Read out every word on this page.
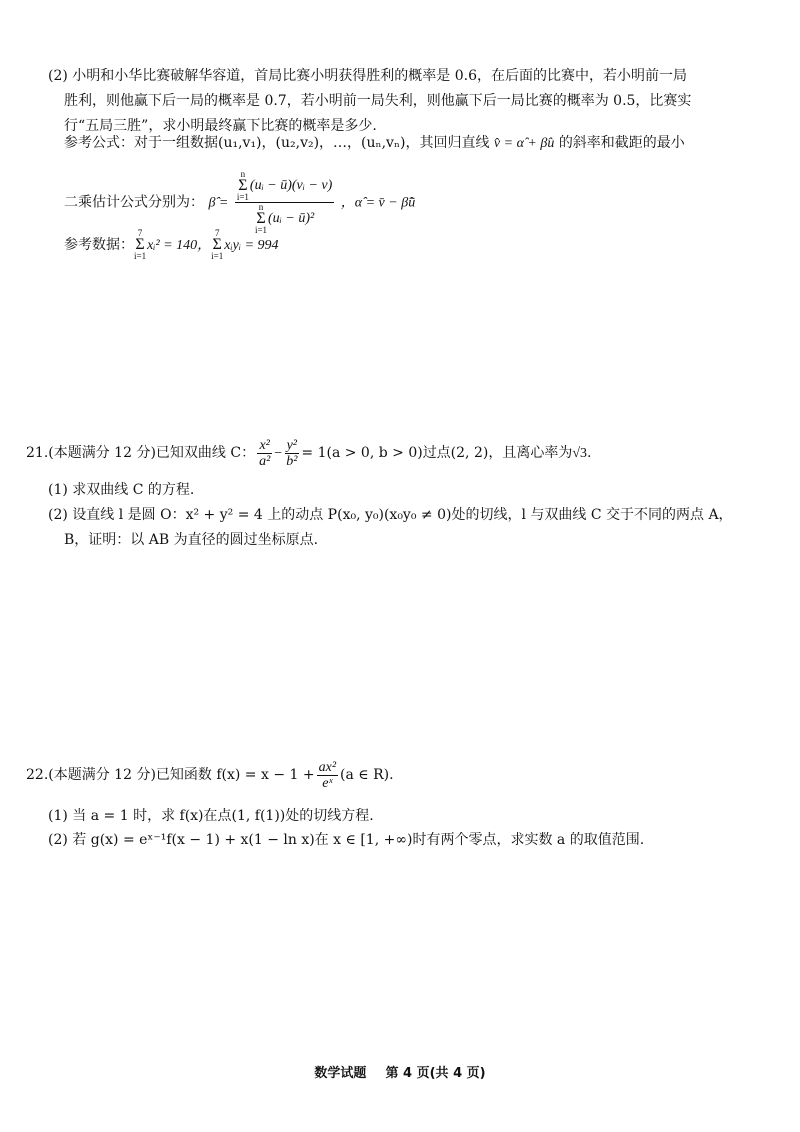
(2) 小明和小华比赛破解华容道，首局比赛小明获得胜利的概率是 0.6，在后面的比赛中，若小明前一局
胜利，则他赢下后一局的概率是 0.7，若小明前一局失利，则他赢下后一局比赛的概率为 0.5，比赛实
行“五局三胜”，求小明最终赢下比赛的概率是多少.
参考公式：对于一组数据(u₁,v₁)，(u₂,v₂)，…，(uₙ,vₙ)，其回归直线 v̂ = α̂ + β̂u 的斜率和截距的最小
二乘估计公式分别为： β̂ = n
Σ
i=1
(uᵢ − ū)(vᵢ − v)
n
Σ
i=1
(uᵢ − ū)² ，α̂ = v̄ − β̂ū
参考数据：
7
Σ
i=1
xᵢ² = 140，
7
Σ
i=1
xᵢyᵢ = 994
21.(本题满分 12 分)已知双曲线 C： $\frac{\text{x²}}{\text{a²}} - \frac{\text{y²}}{\text{b²}} = 1(a > 0$, b > 0)过点(2, 2)，且离心率为√3.
(1) 求双曲线 C 的方程.
(2) 设直线 l 是圆 O：x² + y² = 4 上的动点 P(x₀, y₀)(x₀y₀ ≠ 0)处的切线，l 与双曲线 C 交于不同的两点 A，
B，证明：以 AB 为直径的圆过坐标原点.
22.(本题满分 12 分)已知函数 $f(x) = x - 1 + \frac{\text{ax²}}{\text{eˣ}} (a$ ∈ R).
(1) 当 a = 1 时，求 f(x)在点(1, f(1))处的切线方程.
(2) 若 g(x) = eˣ⁻¹f(x − 1) + x(1 − ln x)在 x ∈ [1, +∞)时有两个零点，求实数 a 的取值范围.
数学试题 第 4 页(共 4 页)
